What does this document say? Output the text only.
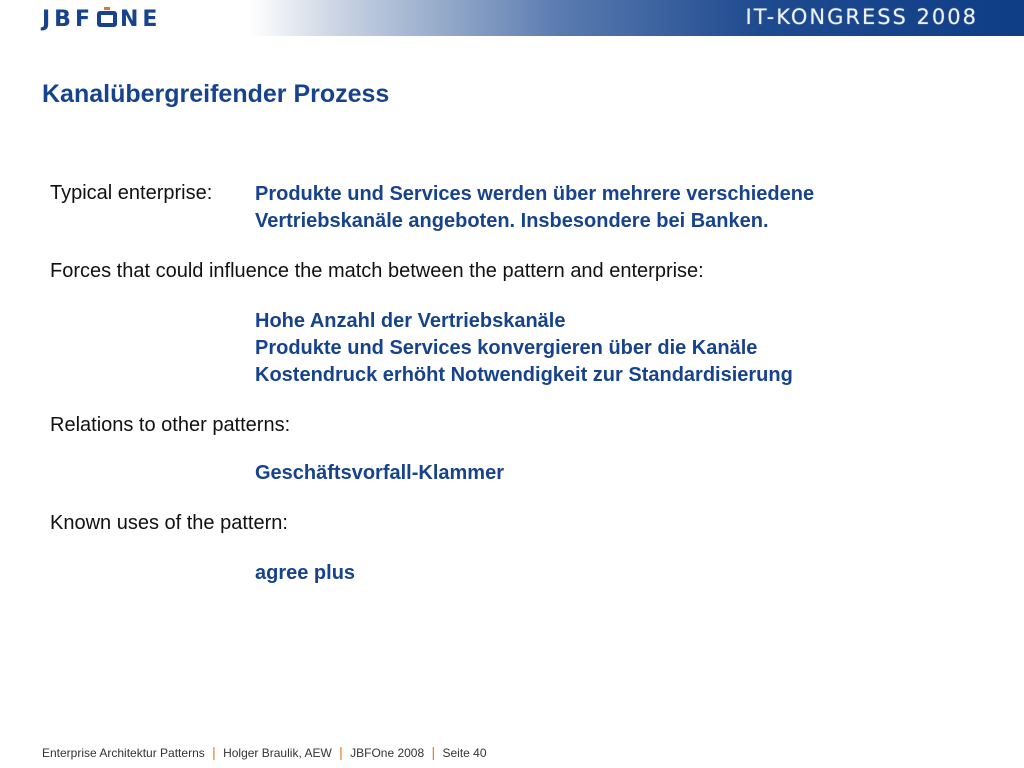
JBF NE	IT-KONGRESS 2008
Kanalübergreifender Prozess
Typical enterprise: Produkte und Services werden über mehrere verschiedene
Vertriebskanäle angeboten. Insbesondere bei Banken.
Forces that could influence the match between the pattern and enterprise:
Hohe Anzahl der Vertriebskanäle
Produkte und Services konvergieren über die Kanäle
Kostendruck erhöht Notwendigkeit zur Standardisierung
Relations to other patterns:
Geschäftsvorfall-Klammer
Known uses of the pattern:
agree plus
Enterprise Architektur Patterns | Holger Braulik, AEW | JBFOne 2008 | Seite 40
